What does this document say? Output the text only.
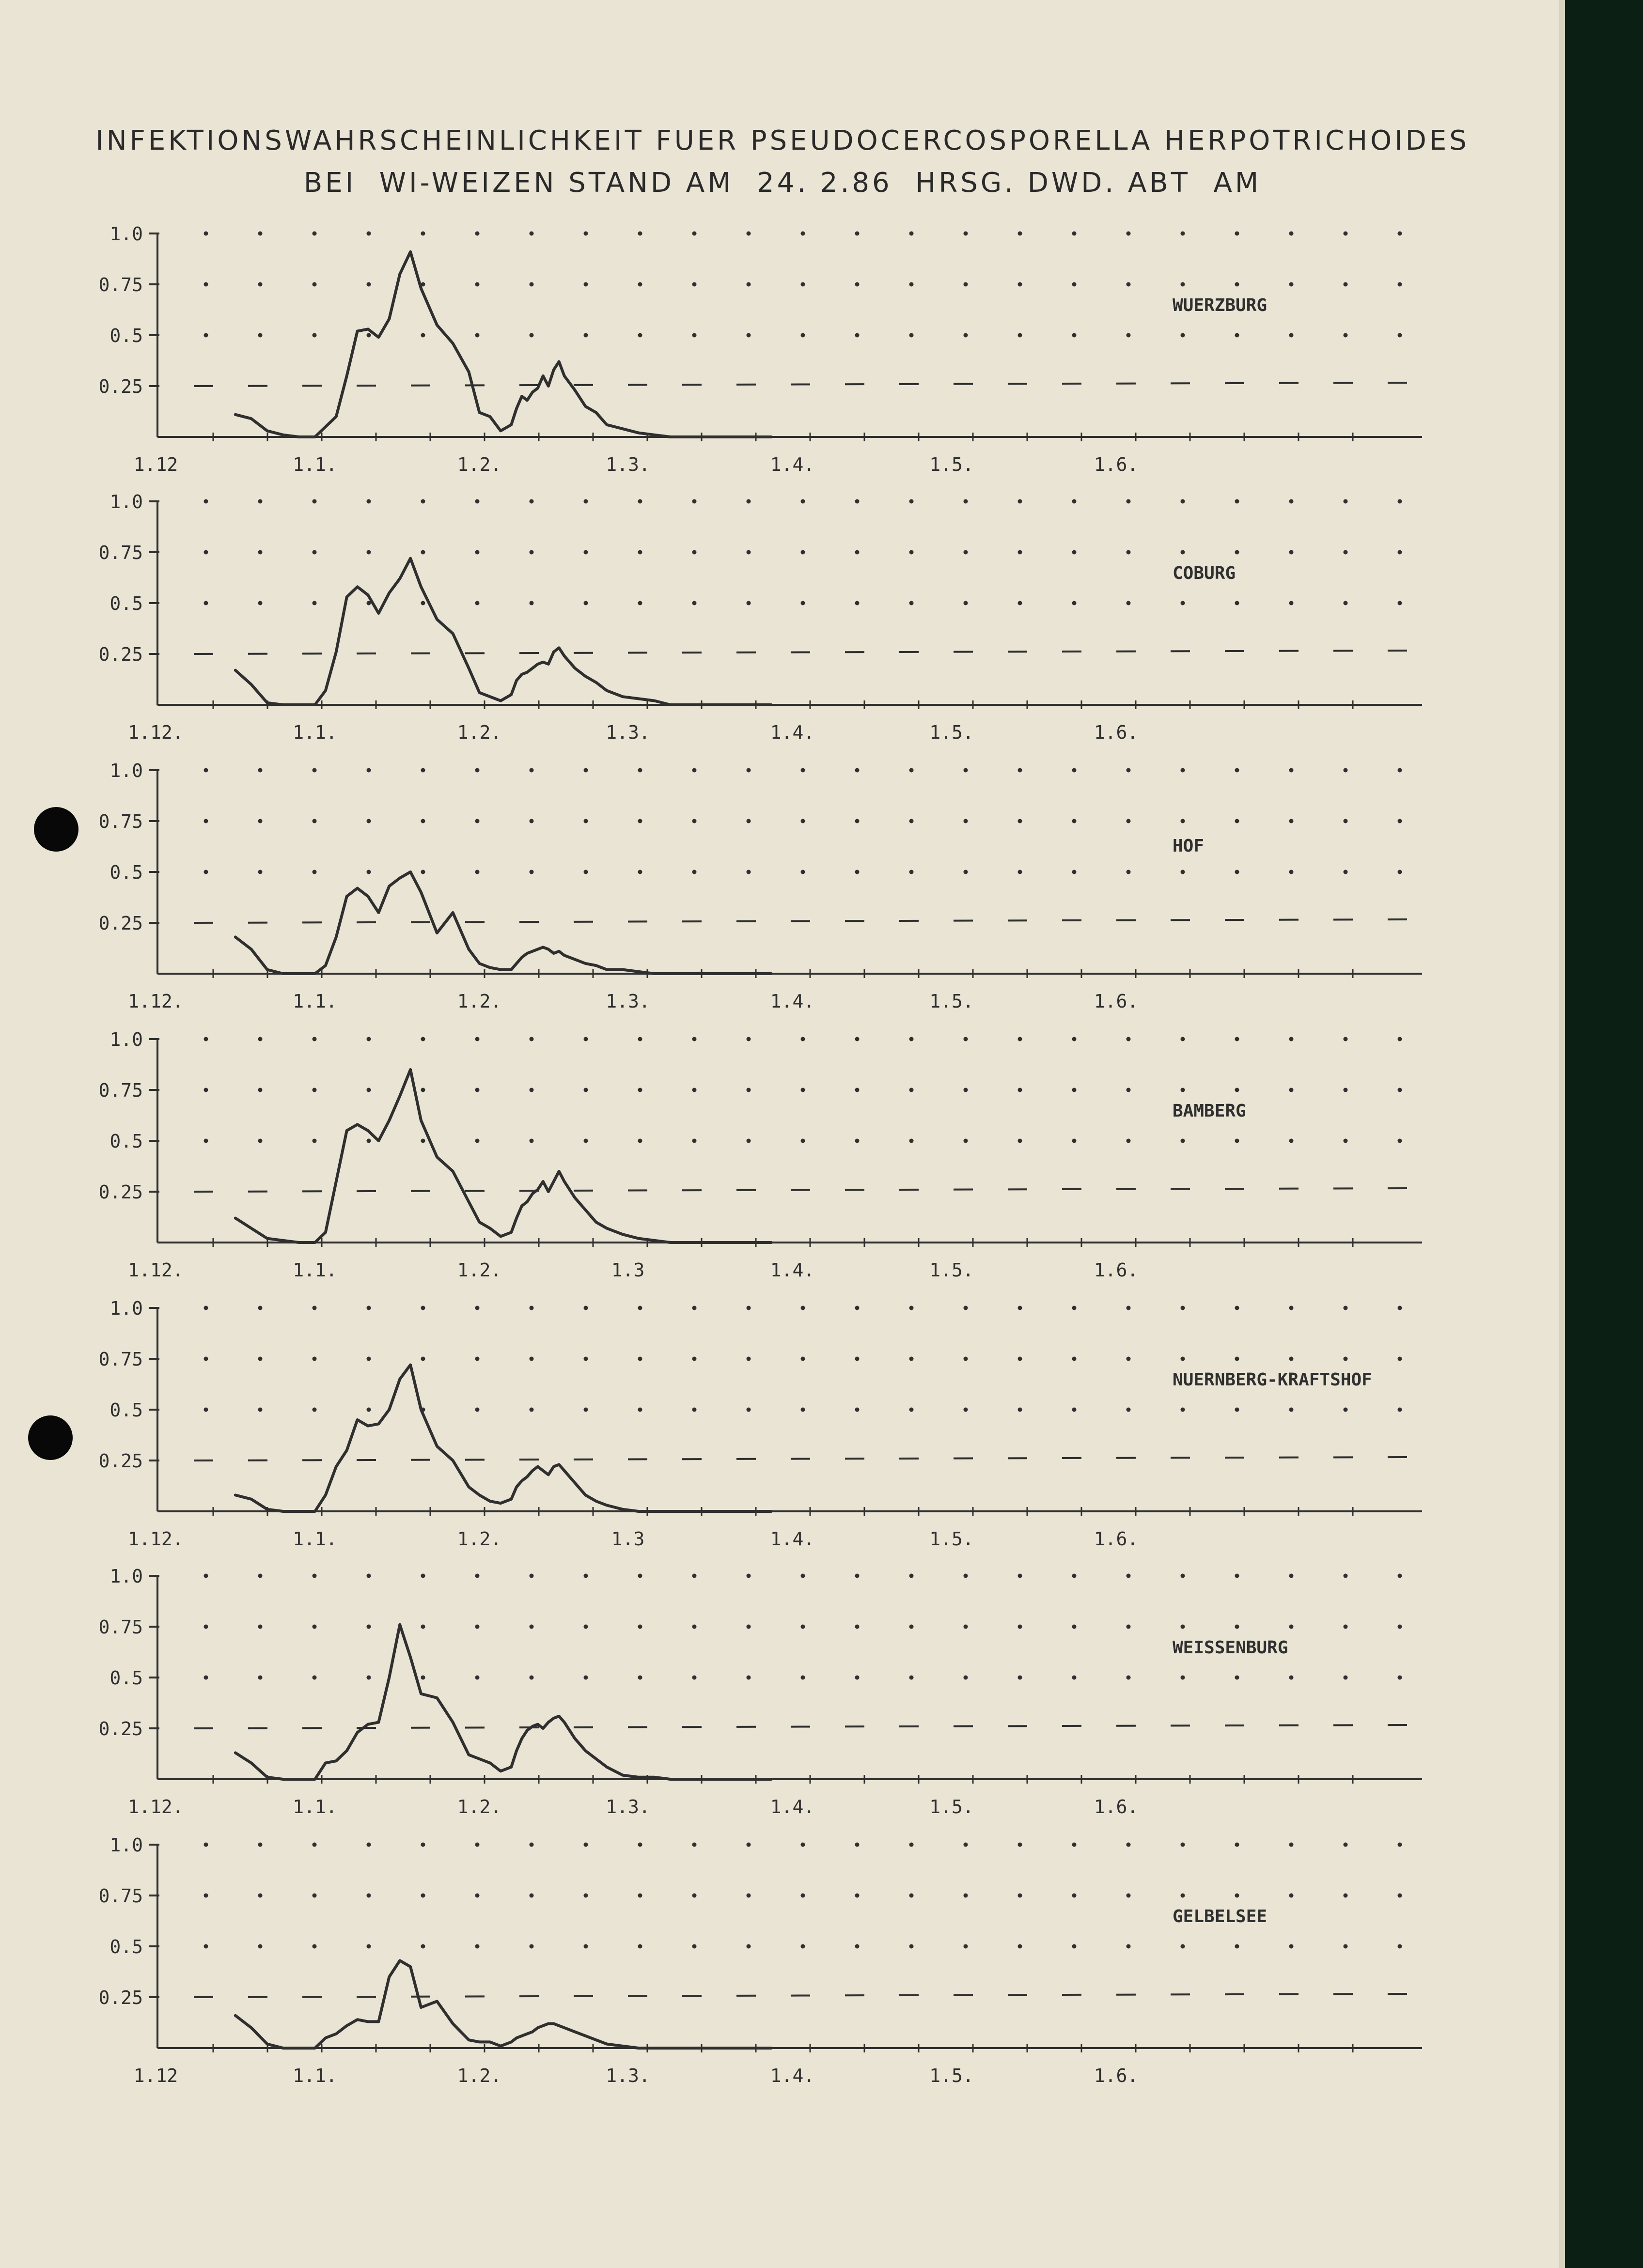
INFEKTIONSWAHRSCHEINLICHKEIT FUER PSEUDOCERCOSPORELLA HERPOTRICHOIDES
BEI  WI-WEIZEN STAND AM  24. 2.86  HRSG. DWD. ABT  AM
1.0
0.75
0.5
0.25
1.12	1.1.	1.2.	1.3.	1.4.	1.5.	1.6.
WUERZBURG
1.0
0.75
0.5
0.25
1.12.	1.1.	1.2.	1.3.	1.4.	1.5.	1.6.
COBURG
1.0
0.75
0.5
0.25
1.12.	1.1.	1.2.	1.3.	1.4.	1.5.	1.6.
HOF
1.0
0.75
0.5
0.25
1.12.	1.1.	1.2.	1.3	1.4.	1.5.	1.6.
BAMBERG
1.0
0.75
0.5
0.25
1.12.	1.1.	1.2.	1.3	1.4.	1.5.	1.6.
NUERNBERG-KRAFTSHOF
1.0
0.75
0.5
0.25
1.12.	1.1.	1.2.	1.3.	1.4.	1.5.	1.6.
WEISSENBURG
1.0
0.75
0.5
0.25
1.12	1.1.	1.2.	1.3.	1.4.	1.5.	1.6.
GELBELSEE
